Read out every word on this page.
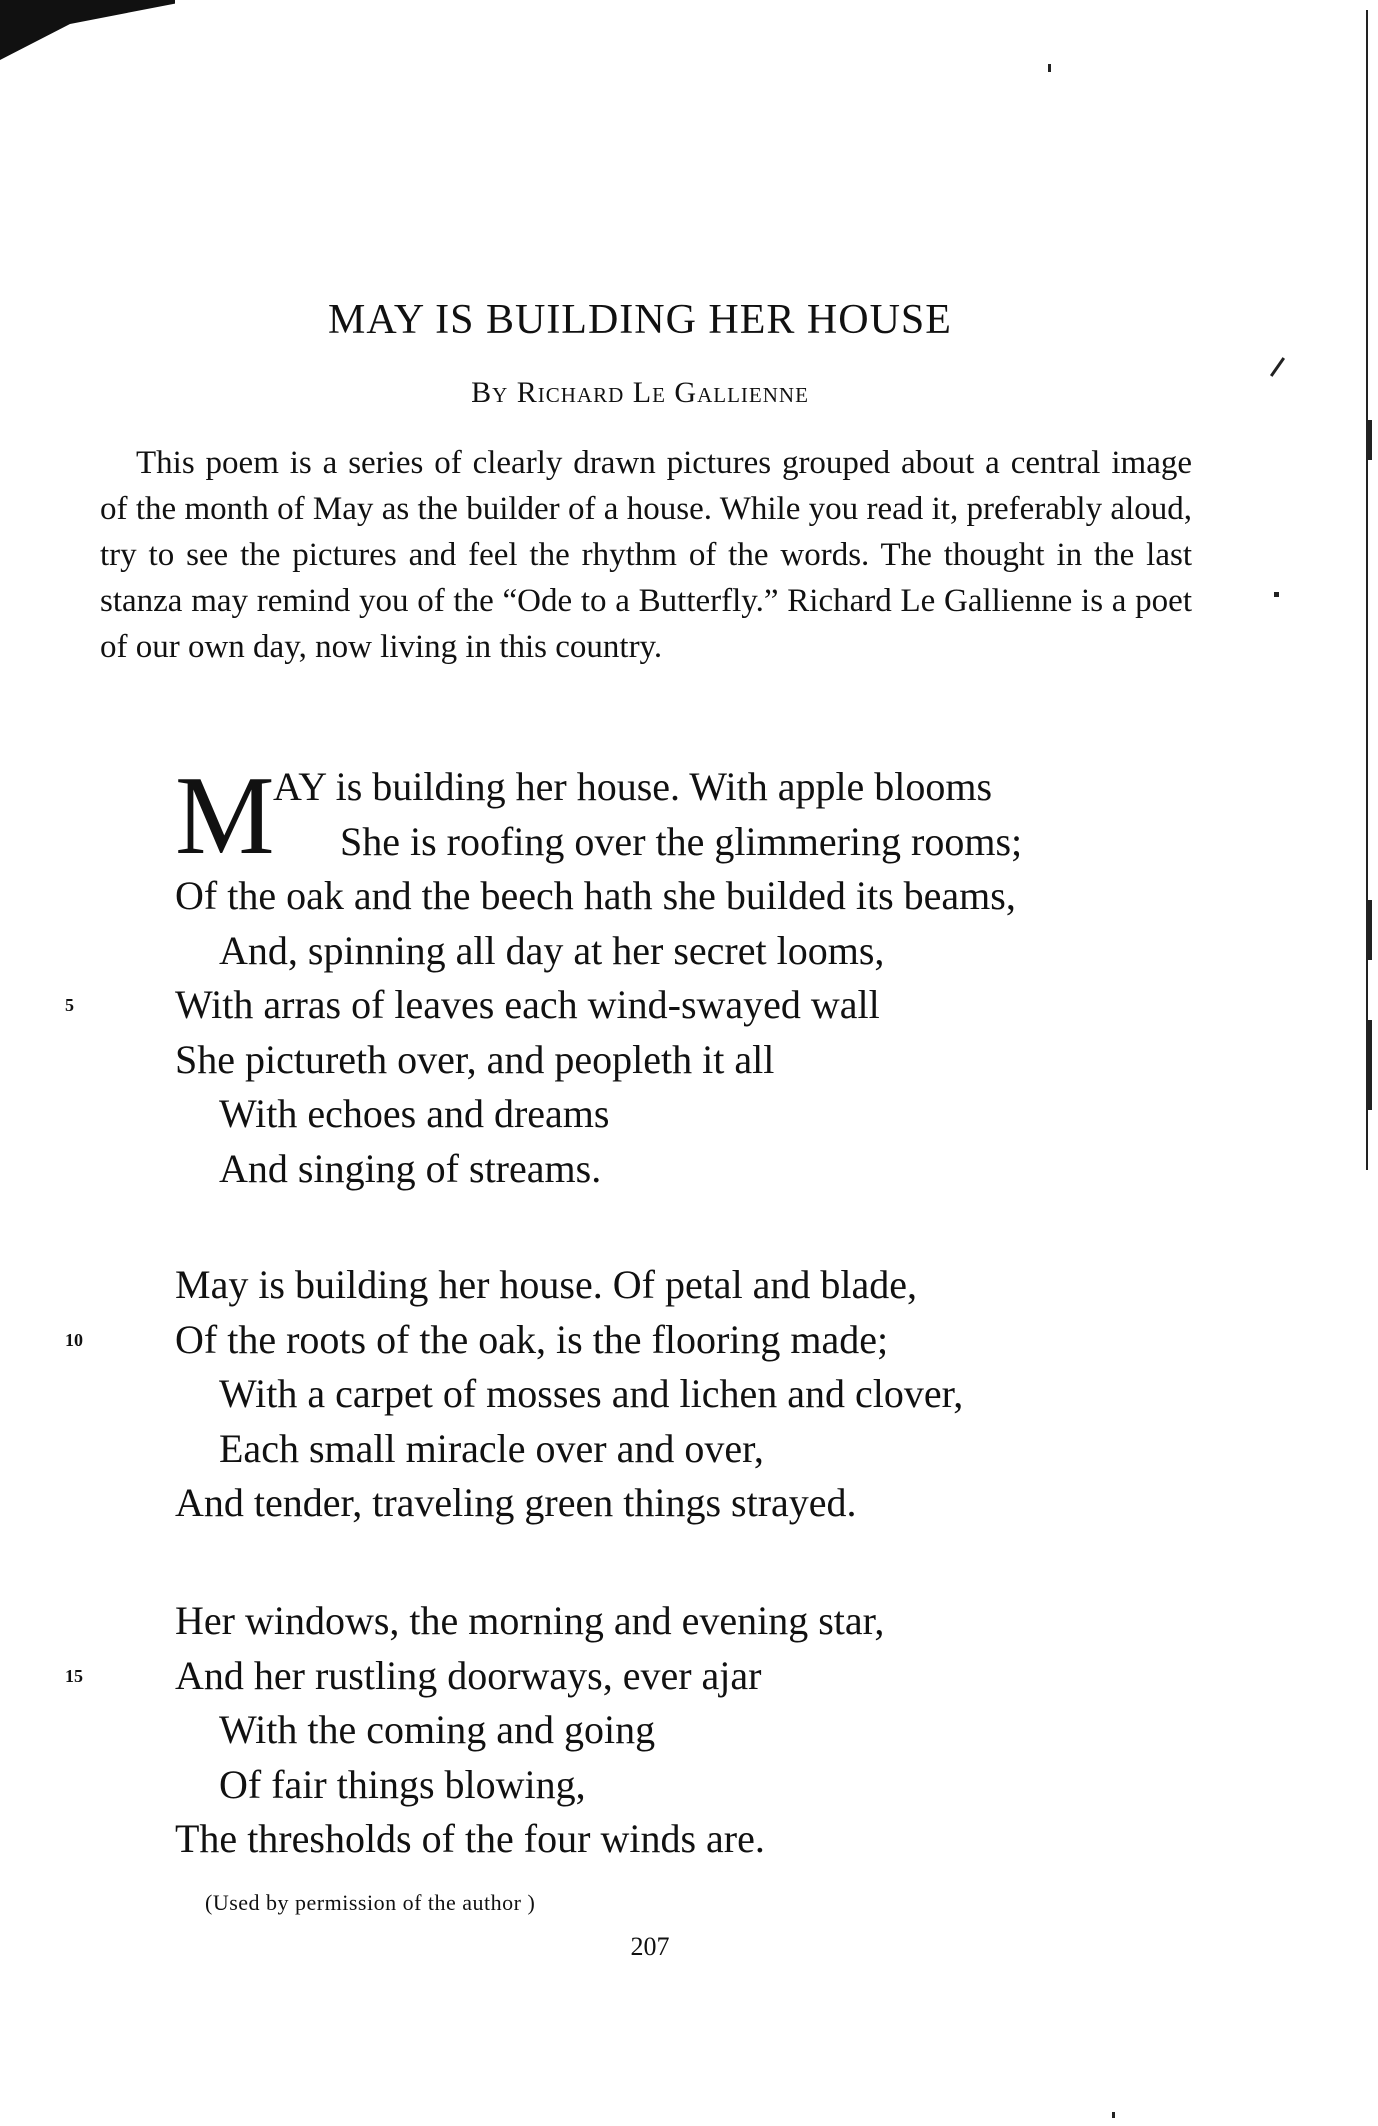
MAY IS BUILDING HER HOUSE
By Richard Le Gallienne

This poem is a series of clearly drawn pictures grouped about a central image of the month of May as the builder of a house. While you read it, preferably aloud, try to see the pictures and feel the rhythm of the words. The thought in the last stanza may remind you of the “Ode to a Butterfly.” Richard Le Gallienne is a poet of our own day, now living in this country.

M
AY is building her house. With apple blooms
She is roofing over the glimmering rooms;
Of the oak and the beech hath she builded its beams,
And, spinning all day at her secret looms,
5	With arras of leaves each wind-swayed wall
She pictureth over, and peopleth it all
With echoes and dreams
And singing of streams.
May is building her house. Of petal and blade,
10	Of the roots of the oak, is the flooring made;
With a carpet of mosses and lichen and clover,
Each small miracle over and over,
And tender, traveling green things strayed.
Her windows, the morning and evening star,
15	And her rustling doorways, ever ajar
With the coming and going
Of fair things blowing,
The thresholds of the four winds are.
(Used by permission of the author )
207
